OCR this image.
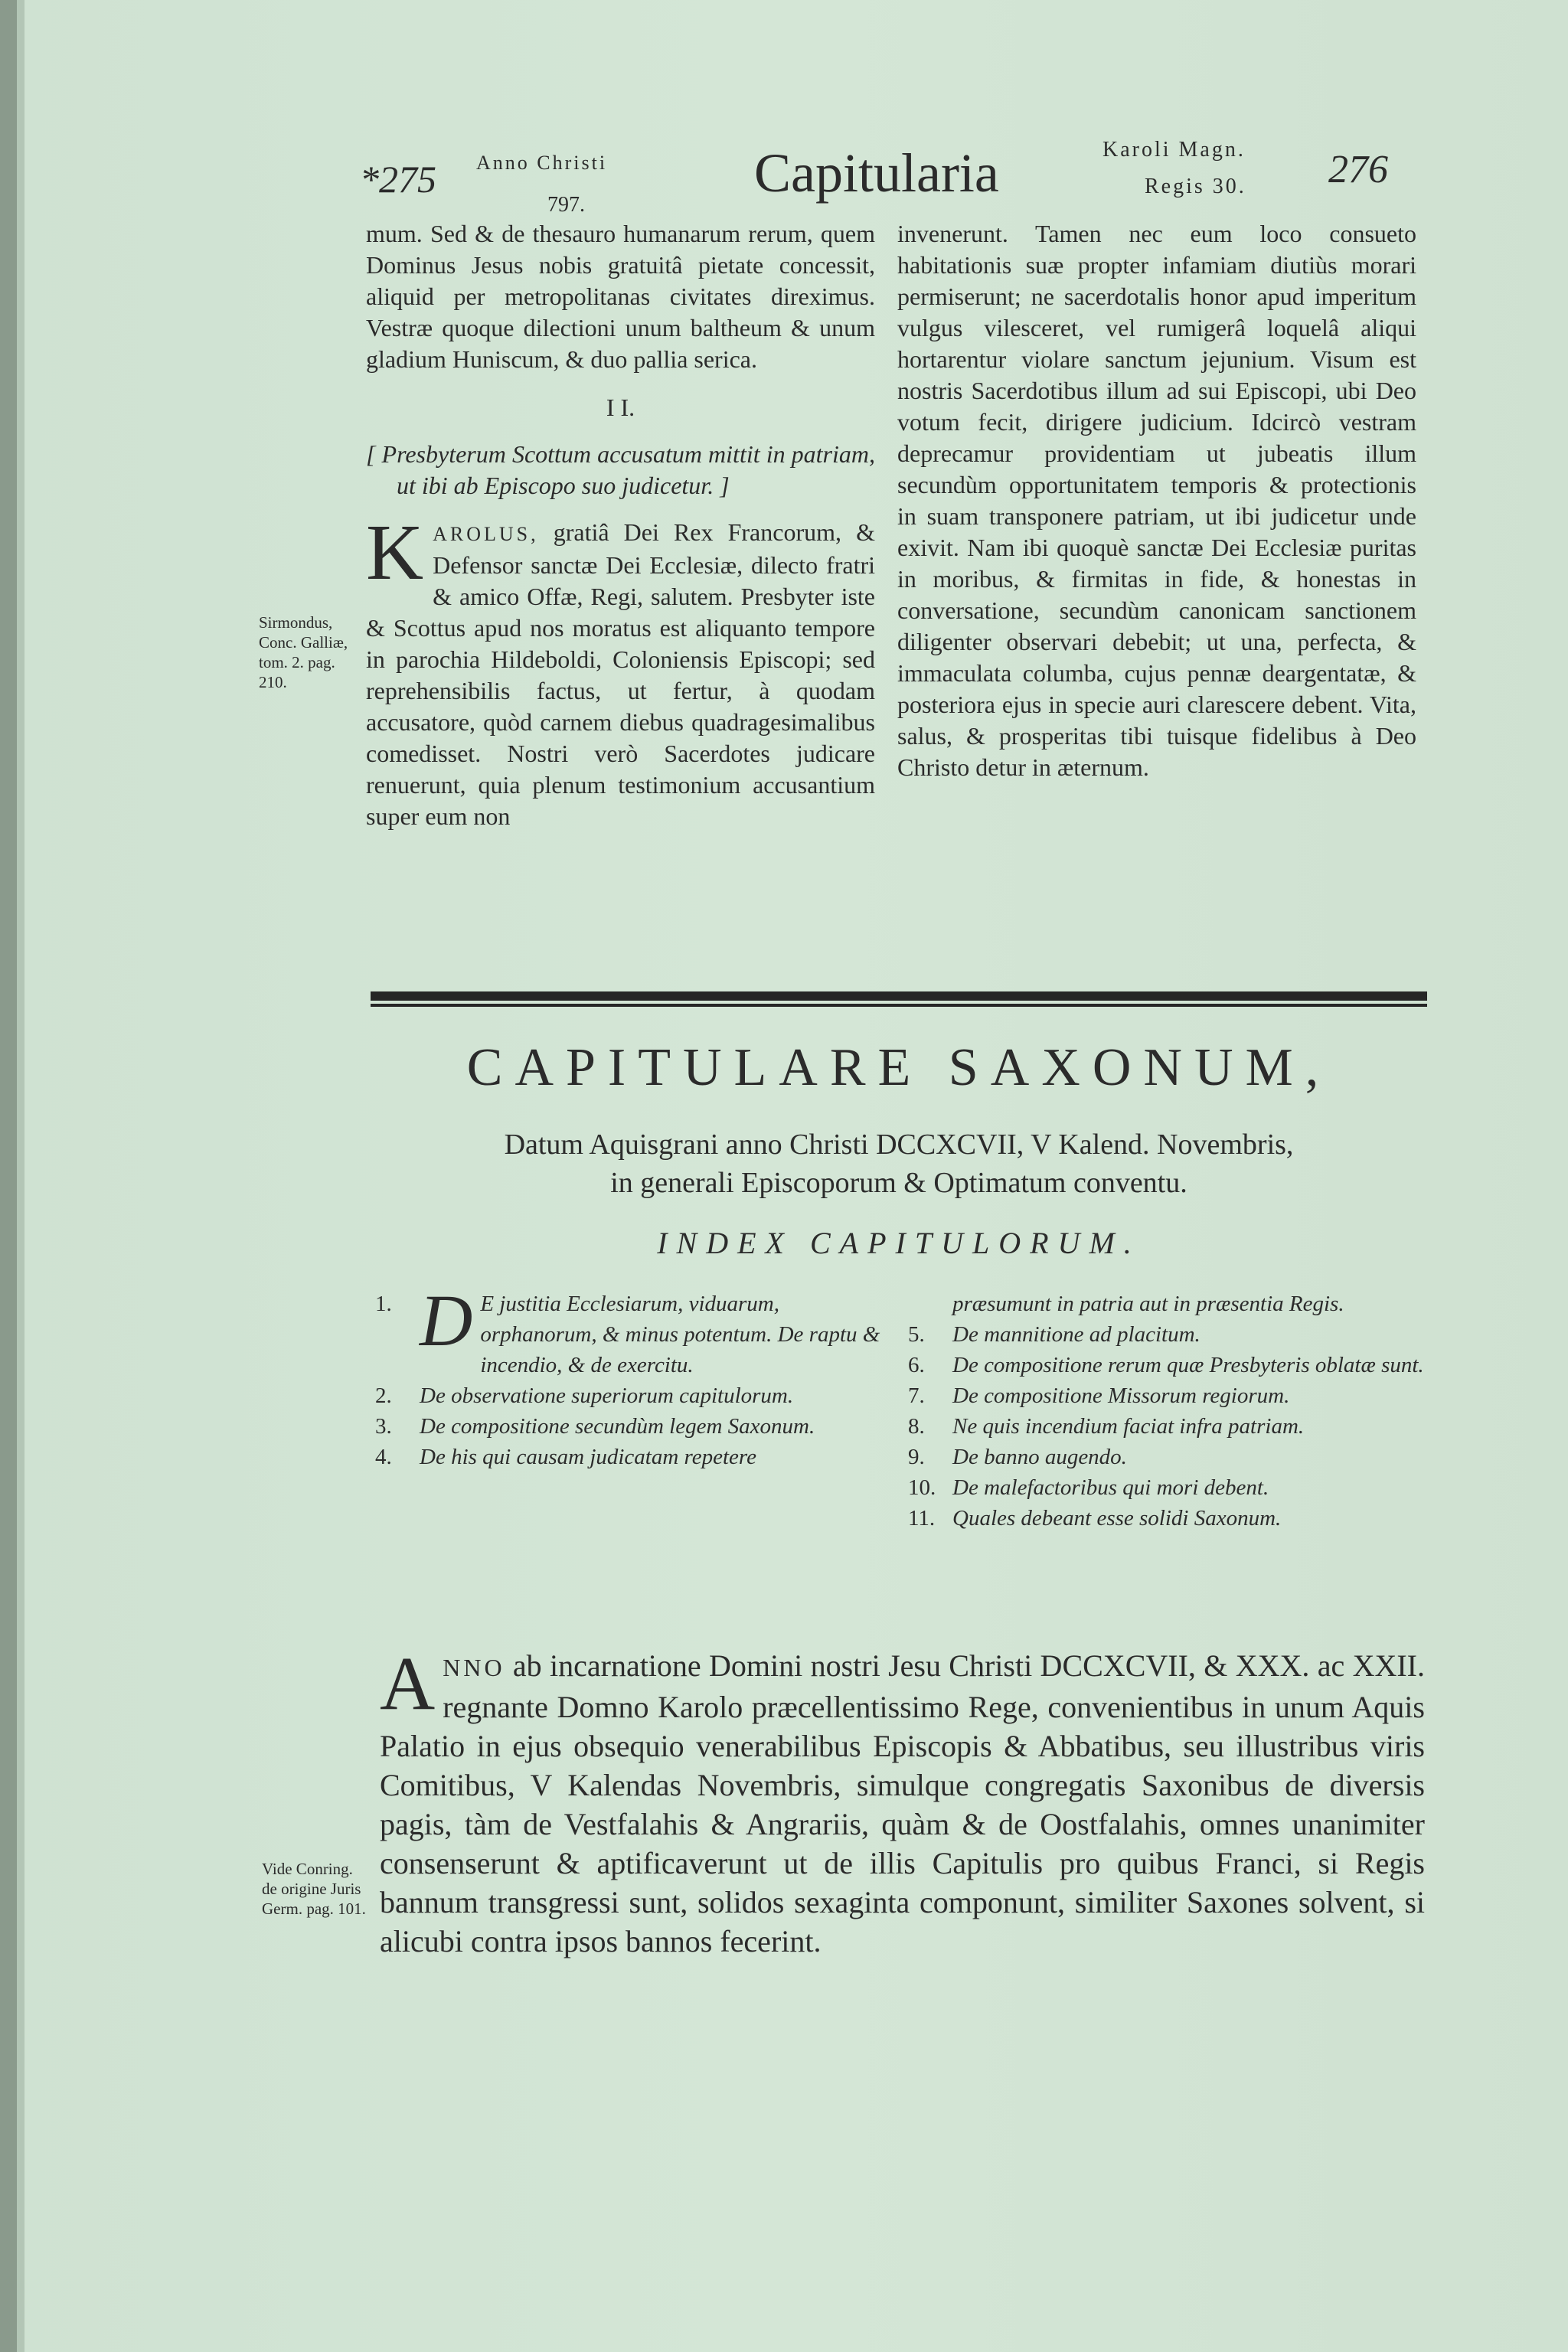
*275 Anno Christi
797.
Capitularia	Karoli Magn.
Regis 30. 276

mum. Sed & de thesauro humanarum rerum, quem Dominus Jesus nobis gratuitâ pietate concessit, aliquid per metropolitanas civitates direximus. Vestræ quoque dilectioni unum baltheum & unum gladium Huniscum, & duo pallia serica.

I I.

[ Presbyterum Scottum accusatum mittit in patriam, ut ibi ab Episcopo suo judicetur. ]

KAROLUS, gratiâ Dei Rex Francorum, & Defensor sanctæ Dei Ecclesiæ, dilecto fratri & amico Offæ, Regi, salutem. Presbyter iste & Scottus apud nos moratus est aliquanto tempore in parochia Hildeboldi, Coloniensis Episcopi; sed reprehensibilis factus, ut fertur, à quodam accusatore, quòd carnem diebus quadragesimalibus comedisset. Nostri verò Sacerdotes judicare renuerunt, quia plenum testimonium accusantium super eum non

invenerunt. Tamen nec eum loco consueto habitationis suæ propter infamiam diutiùs morari permiserunt; ne sacerdotalis honor apud imperitum vulgus vilesceret, vel rumigerâ loquelâ aliqui hortarentur violare sanctum jejunium. Visum est nostris Sacerdotibus illum ad sui Episcopi, ubi Deo votum fecit, dirigere judicium. Idcircò vestram deprecamur providentiam ut jubeatis illum secundùm opportunitatem temporis & protectionis in suam transponere patriam, ut ibi judicetur unde exivit. Nam ibi quoquè sanctæ Dei Ecclesiæ puritas in moribus, & firmitas in fide, & honestas in conversatione, secundùm canonicam sanctionem diligenter observari debebit; ut una, perfecta, & immaculata columba, cujus pennæ deargentatæ, & posteriora ejus in specie auri clarescere debent. Vita, salus, & prosperitas tibi tuisque fidelibus à Deo Christo detur in æternum.

Sirmondus, Conc. Galliæ, tom. 2. pag. 210.
Vide Conring. de origine Juris Germ. pag. 101.
CAPITULARE SAXONUM,
Datum Aquisgrani anno Christi DCCXCVII, V Kalend. Novembris,
in generali Episcoporum & Optimatum conventu.
INDEX CAPITULORUM.
1. D E justitia Ecclesiarum, viduarum, orphanorum, & minus potentum. De raptu & incendio, & de exercitu.
2. De observatione superiorum capitulorum.
3. De compositione secundùm legem Saxonum.
4. De his qui causam judicatam repetere
præsumunt in patria aut in præsentia Regis.
5. De mannitione ad placitum.
6. De compositione rerum quæ Presbyteris oblatæ sunt.
7. De compositione Missorum regiorum.
8. Ne quis incendium faciat infra patriam.
9. De banno augendo.
10. De malefactoribus qui mori debent.
11. Quales debeant esse solidi Saxonum.
ANNO ab incarnatione Domini nostri Jesu Christi DCCXCVII, & XXX. ac XXII. regnante Domno Karolo præcellentissimo Rege, convenientibus in unum Aquis Palatio in ejus obsequio venerabilibus Episcopis & Abbatibus, seu illustribus viris Comitibus, V Kalendas Novembris, simulque congregatis Saxonibus de diversis pagis, tàm de Vestfalahis & Angrariis, quàm & de Oostfalahis, omnes unanimiter consenserunt & aptificaverunt ut de illis Capitulis pro quibus Franci, si Regis bannum transgressi sunt, solidos sexaginta componunt, similiter Saxones solvent, si alicubi contra ipsos bannos fecerint.
